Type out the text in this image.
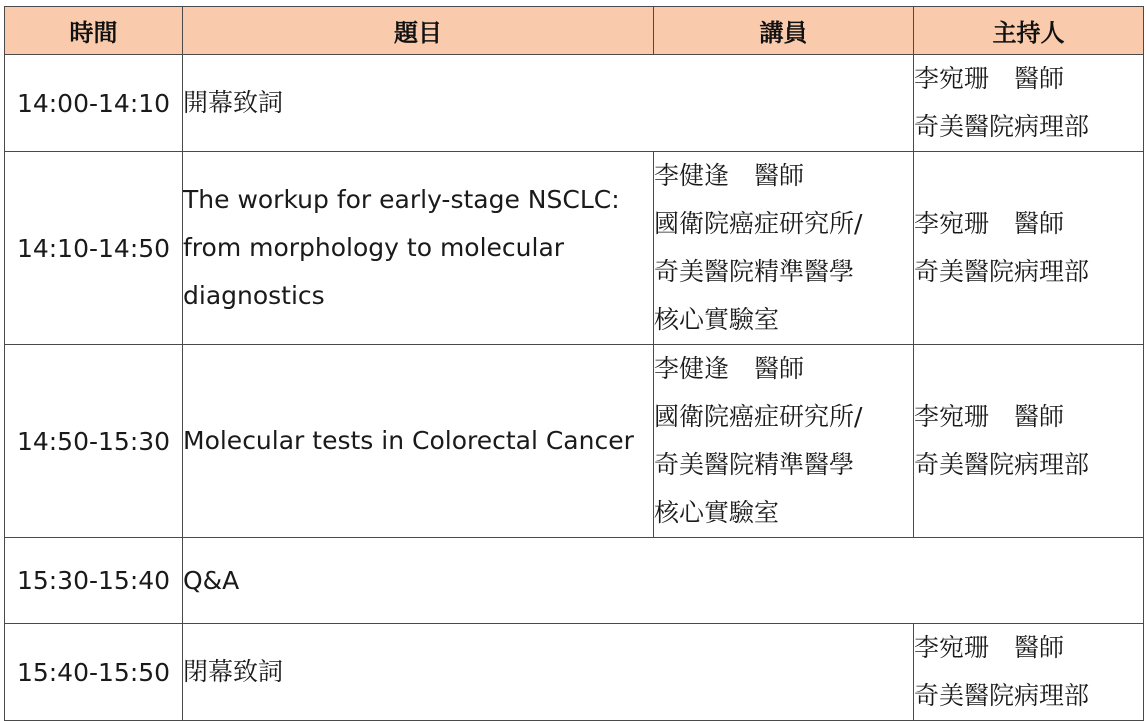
時間	題目	講員	主持人
14:00-14:10	開幕致詞		李宛珊　醫師
奇美醫院病理部

14:10-14:50	The workup for early-stage NSCLC: from morphology to molecular diagnostics	李健逢　醫師
國衛院癌症研究所/
奇美醫院精準醫學
核心實驗室	李宛珊　醫師
奇美醫院病理部

14:50-15:30	Molecular tests in Colorectal Cancer	李健逢　醫師
國衛院癌症研究所/
奇美醫院精準醫學
核心實驗室	李宛珊　醫師
奇美醫院病理部

15:30-15:40	Q&A		
15:40-15:50	閉幕致詞		李宛珊　醫師
奇美醫院病理部
